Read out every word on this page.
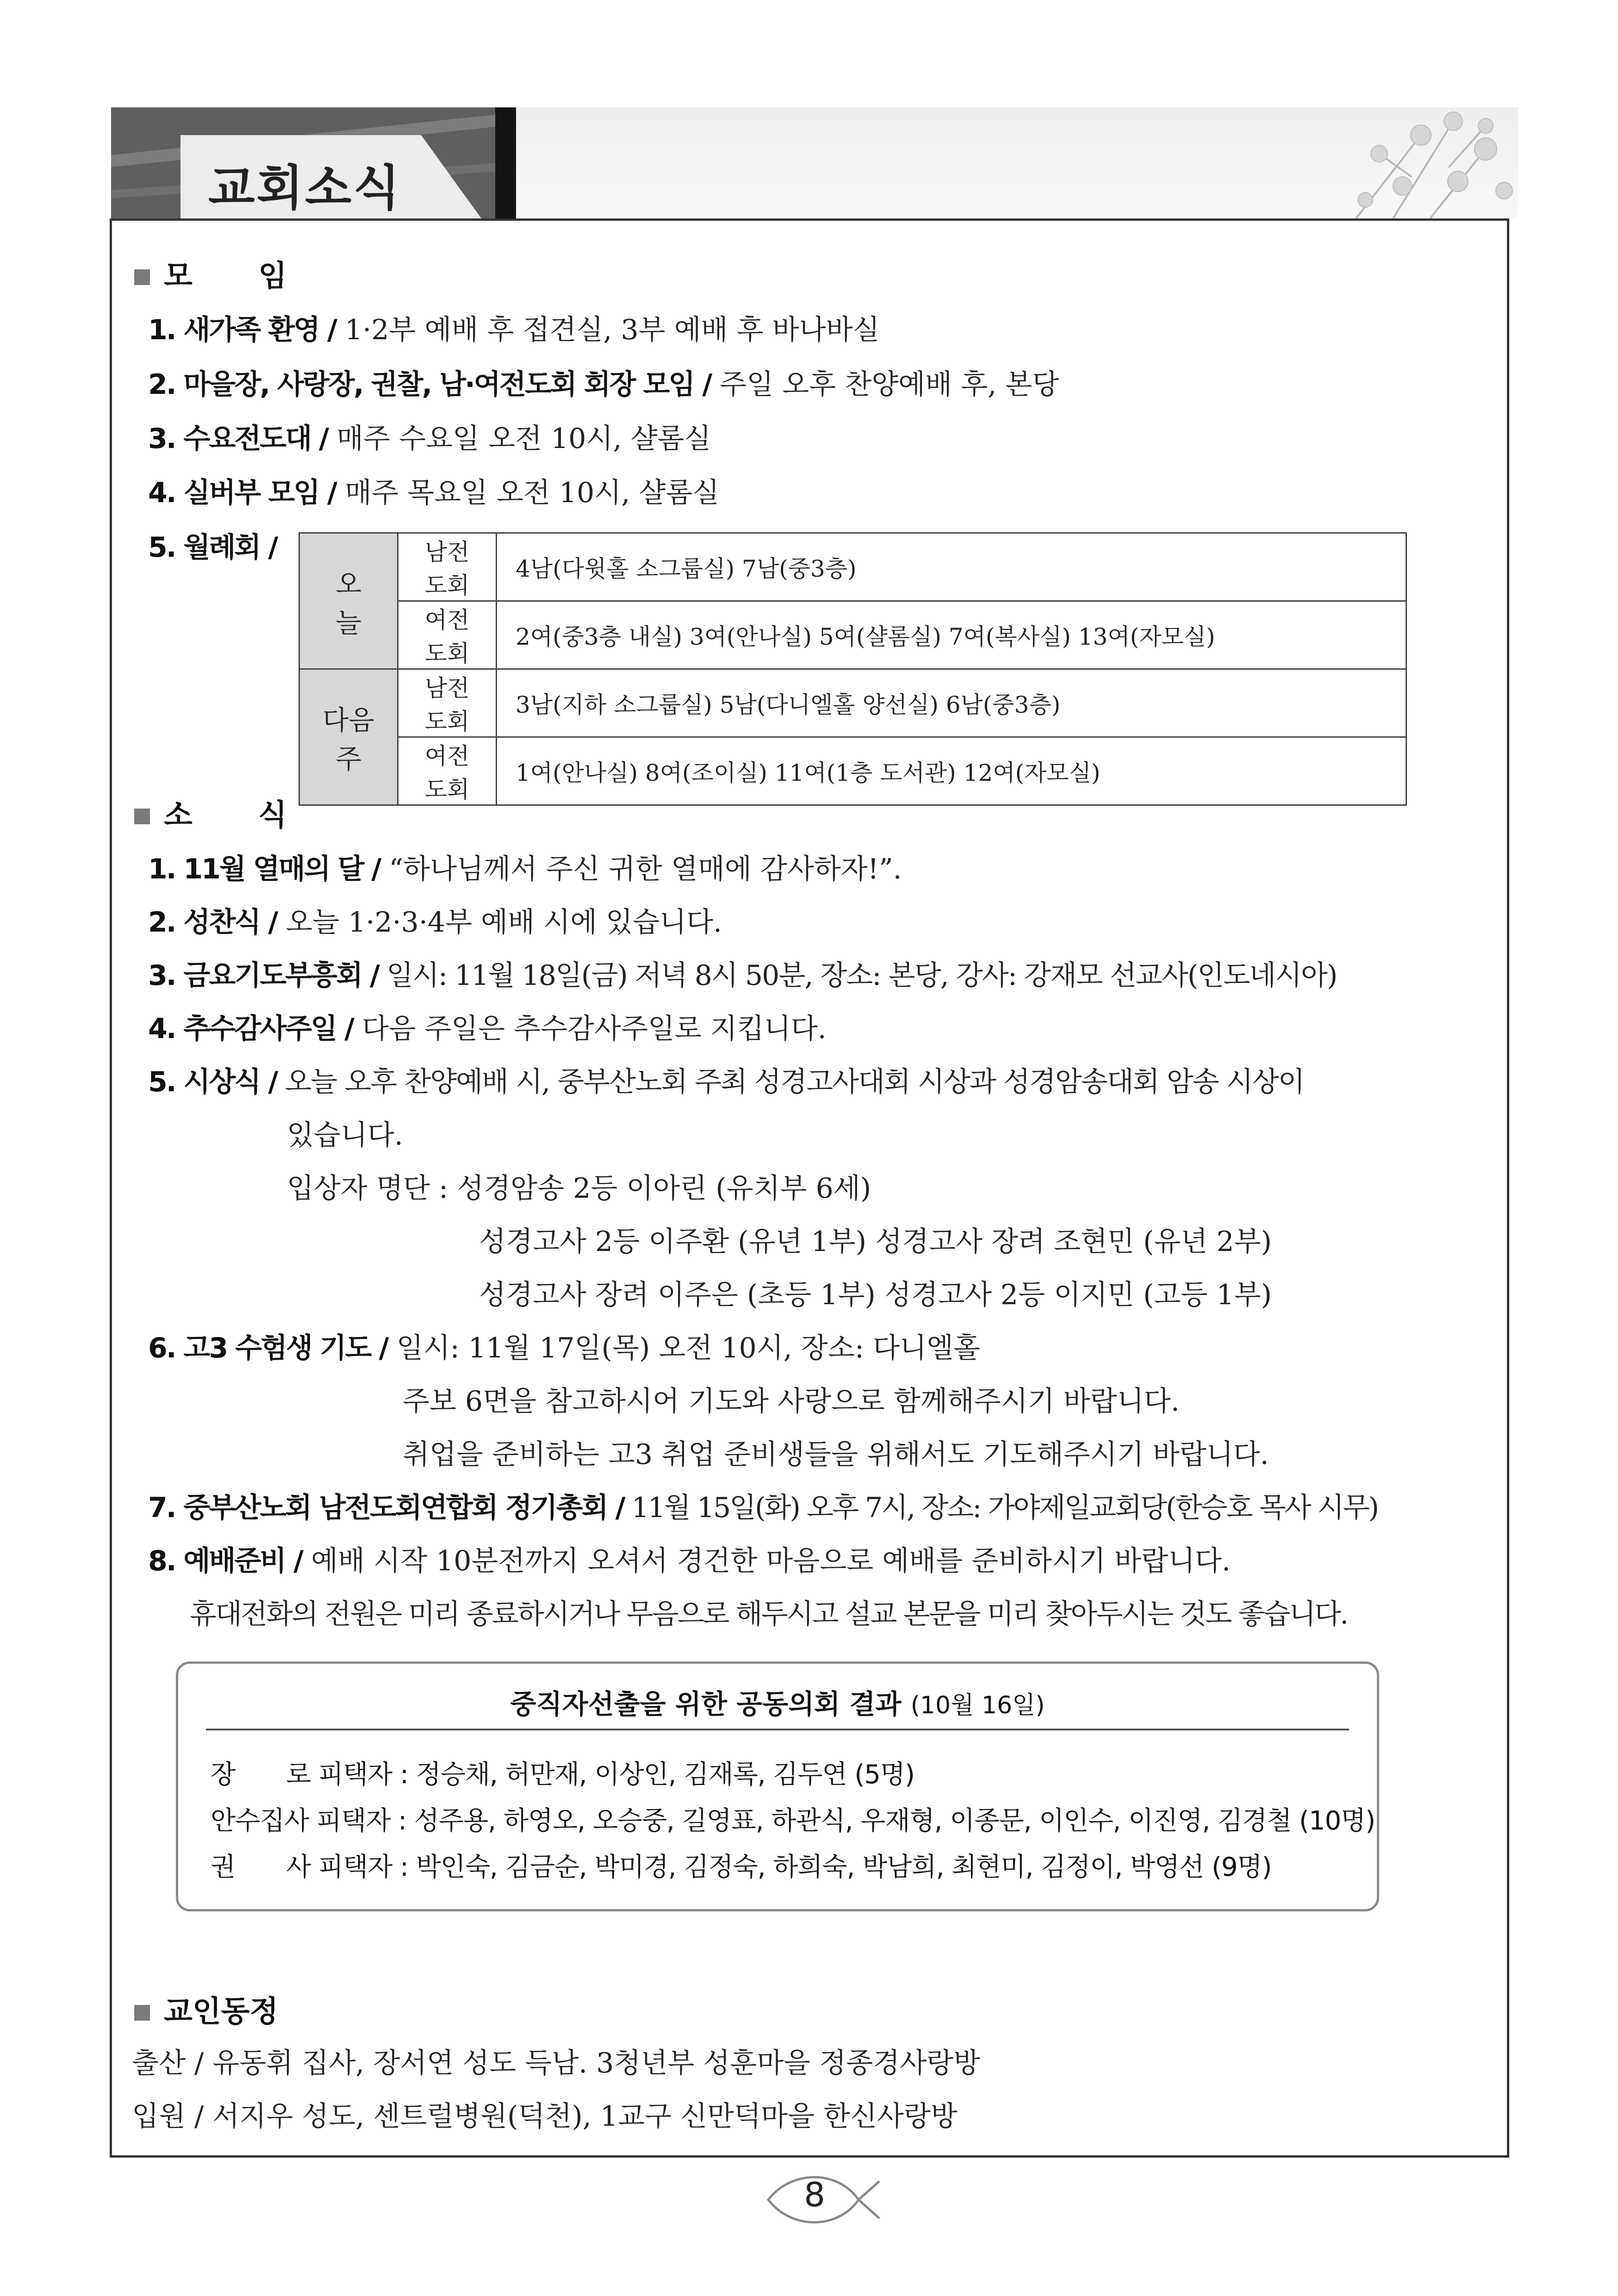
교회소식
모 임
1. 새가족 환영 / 1·2부 예배 후 접견실, 3부 예배 후 바나바실
2. 마을장, 사랑장, 권찰, 남·여전도회 회장 모임 / 주일 오후 찬양예배 후, 본당
3. 수요전도대 / 매주 수요일 오전 10시, 샬롬실
4. 실버부 모임 / 매주 목요일 오전 10시, 샬롬실
5. 월례회 /
오 늘	남전도회	4남(다윗홀 소그룹실) 7남(중3층)
	여전도회	2여(중3층 내실) 3여(안나실) 5여(샬롬실) 7여(복사실) 13여(자모실)
다음주	남전도회	3남(지하 소그룹실) 5남(다니엘홀 양선실) 6남(중3층)
	여전도회	1여(안나실) 8여(조이실) 11여(1층 도서관) 12여(자모실)
소 식
1. 11월 열매의 달 / “하나님께서 주신 귀한 열매에 감사하자!”.
2. 성찬식 / 오늘 1·2·3·4부 예배 시에 있습니다.
3. 금요기도부흥회 / 일시: 11월 18일(금) 저녁 8시 50분, 장소: 본당, 강사: 강재모 선교사(인도네시아)
4. 추수감사주일 / 다음 주일은 추수감사주일로 지킵니다.
5. 시상식 / 오늘 오후 찬양예배 시, 중부산노회 주최 성경고사대회 시상과 성경암송대회 암송 시상이
있습니다.
입상자 명단 : 성경암송 2등 이아린 (유치부 6세)
성경고사 2등 이주환 (유년 1부) 성경고사 장려 조현민 (유년 2부)
성경고사 장려 이주은 (초등 1부) 성경고사 2등 이지민 (고등 1부)
6. 고3 수험생 기도 / 일시: 11월 17일(목) 오전 10시, 장소: 다니엘홀
주보 6면을 참고하시어 기도와 사랑으로 함께해주시기 바랍니다.
취업을 준비하는 고3 취업 준비생들을 위해서도 기도해주시기 바랍니다.
7. 중부산노회 남전도회연합회 정기총회 / 11월 15일(화) 오후 7시, 장소: 가야제일교회당(한승호 목사 시무)
8. 예배준비 / 예배 시작 10분전까지 오셔서 경건한 마음으로 예배를 준비하시기 바랍니다.
휴대전화의 전원은 미리 종료하시거나 무음으로 해두시고 설교 본문을 미리 찾아두시는 것도 좋습니다.
중직자선출을 위한 공동의회 결과 (10월 16일)
장　　로 피택자 : 정승채, 허만재, 이상인, 김재록, 김두연 (5명)
안수집사 피택자 : 성주용, 하영오, 오승중, 길영표, 하관식, 우재형, 이종문, 이인수, 이진영, 김경철 (10명)
권　　사 피택자 : 박인숙, 김금순, 박미경, 김정숙, 하희숙, 박남희, 최현미, 김정이, 박영선 (9명)
교인동정
출산 / 유동휘 집사, 장서연 성도 득남. 3청년부 성훈마을 정종경사랑방
입원 / 서지우 성도, 센트럴병원(덕천), 1교구 신만덕마을 한신사랑방
8
